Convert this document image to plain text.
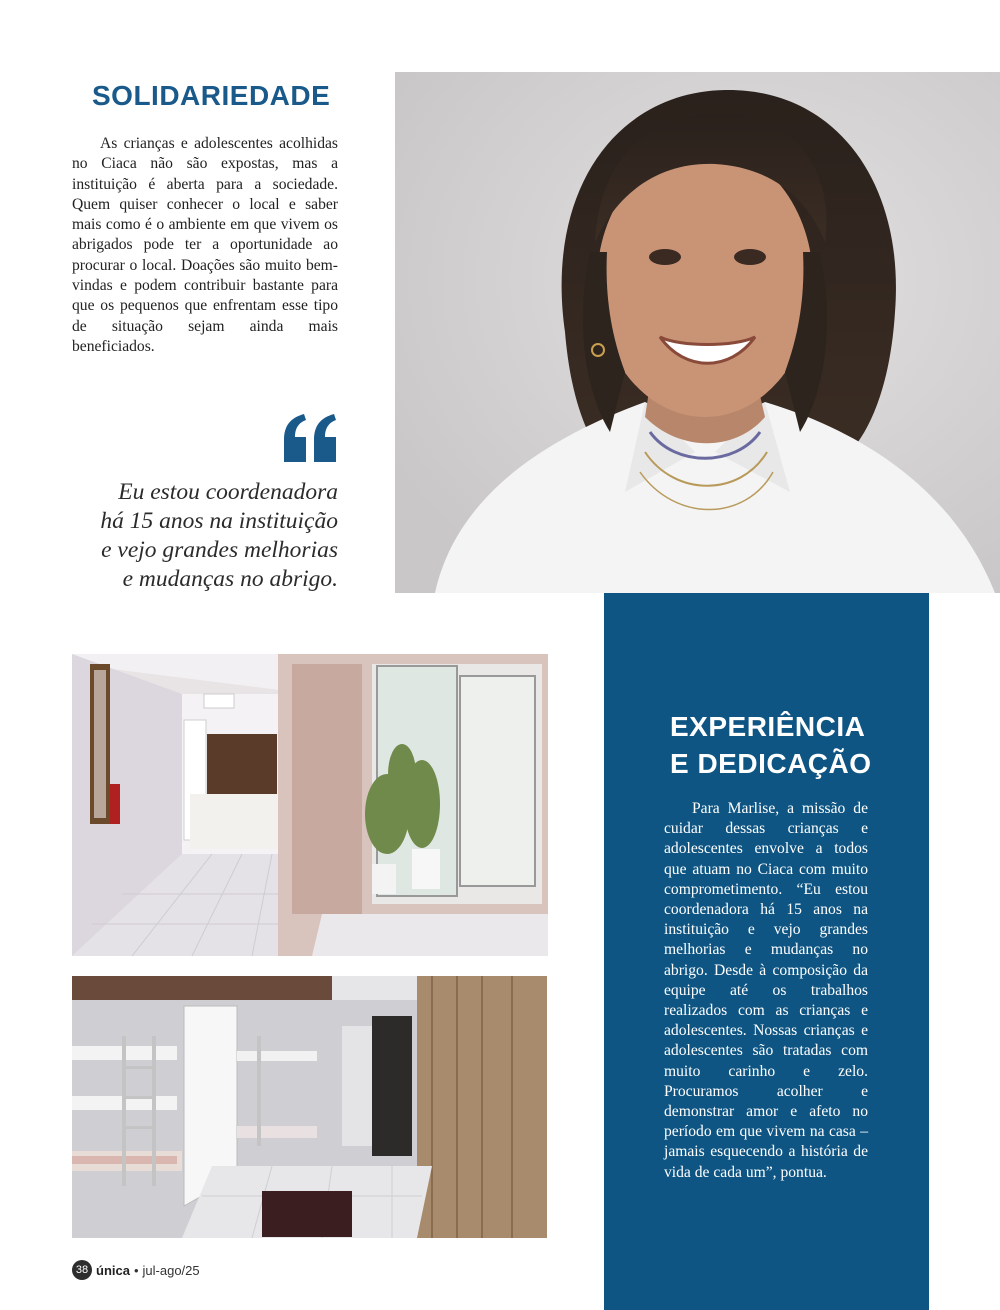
SOLIDARIEDADE

As crianças e adolescentes acolhidas no Ciaca não são expostas, mas a instituição é aberta para a sociedade. Quem quiser conhecer o local e saber mais como é o ambiente em que vivem os abrigados pode ter a oportunidade ao procurar o local. Doações são muito bem-vindas e podem contribuir bastante para que os pequenos que enfrentam esse tipo de situação sejam ainda mais beneficiados.

Eu estou coordenadora
há 15 anos na instituição
e vejo grandes melhorias
e mudanças no abrigo.
EXPERIÊNCIA
E DEDICAÇÃO

Para Marlise, a missão de cuidar dessas crianças e adolescentes envolve a todos que atuam no Ciaca com muito comprometimento. “Eu estou coordenadora há 15 anos na instituição e vejo grandes melhorias e mudanças no abrigo. Desde à composição da equipe até os trabalhos realizados com as crianças e adolescentes. Nossas crianças e adolescentes são tratadas com muito carinho e zelo. Procuramos acolher e demonstrar amor e afeto no período em que vivem na casa – jamais esquecendo a história de vida de cada um”, pontua.

38 única • jul-ago/25
